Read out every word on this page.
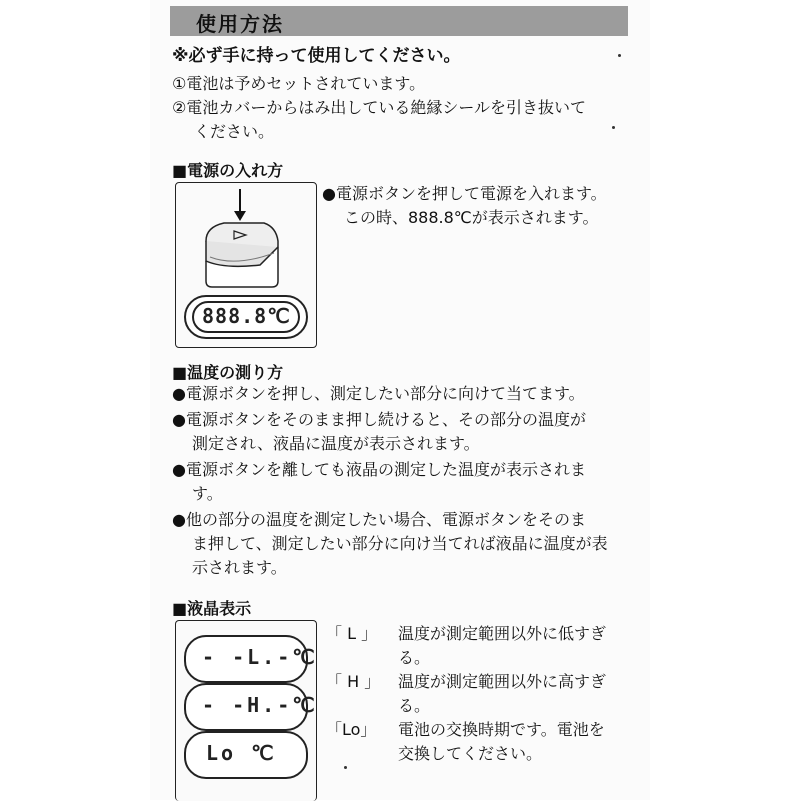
使用方法
※必ず手に持って使用してください。
①電池は予めセットされています。
②電池カバーからはみ出している絶縁シールを引き抜いて
ください。
■電源の入れ方
888.8℃
●電源ボタンを押して電源を入れます。
この時、888.8℃が表示されます。
■温度の測り方
●電源ボタンを押し、測定したい部分に向けて当てます。
●電源ボタンをそのまま押し続けると、その部分の温度が
測定され、液晶に温度が表示されます。
●電源ボタンを離しても液晶の測定した温度が表示されま
す。
●他の部分の温度を測定したい場合、電源ボタンをそのま
ま押して、測定したい部分に向け当てれば液晶に温度が表
示されます。
■液晶表示
- -L.-℃
- -H.-℃
Lo ℃
「 L 」 温度が測定範囲以外に低すぎ
る。
「 H 」 温度が測定範囲以外に高すぎ
る。
「Lo」 電池の交換時期です。電池を
交換してください。
